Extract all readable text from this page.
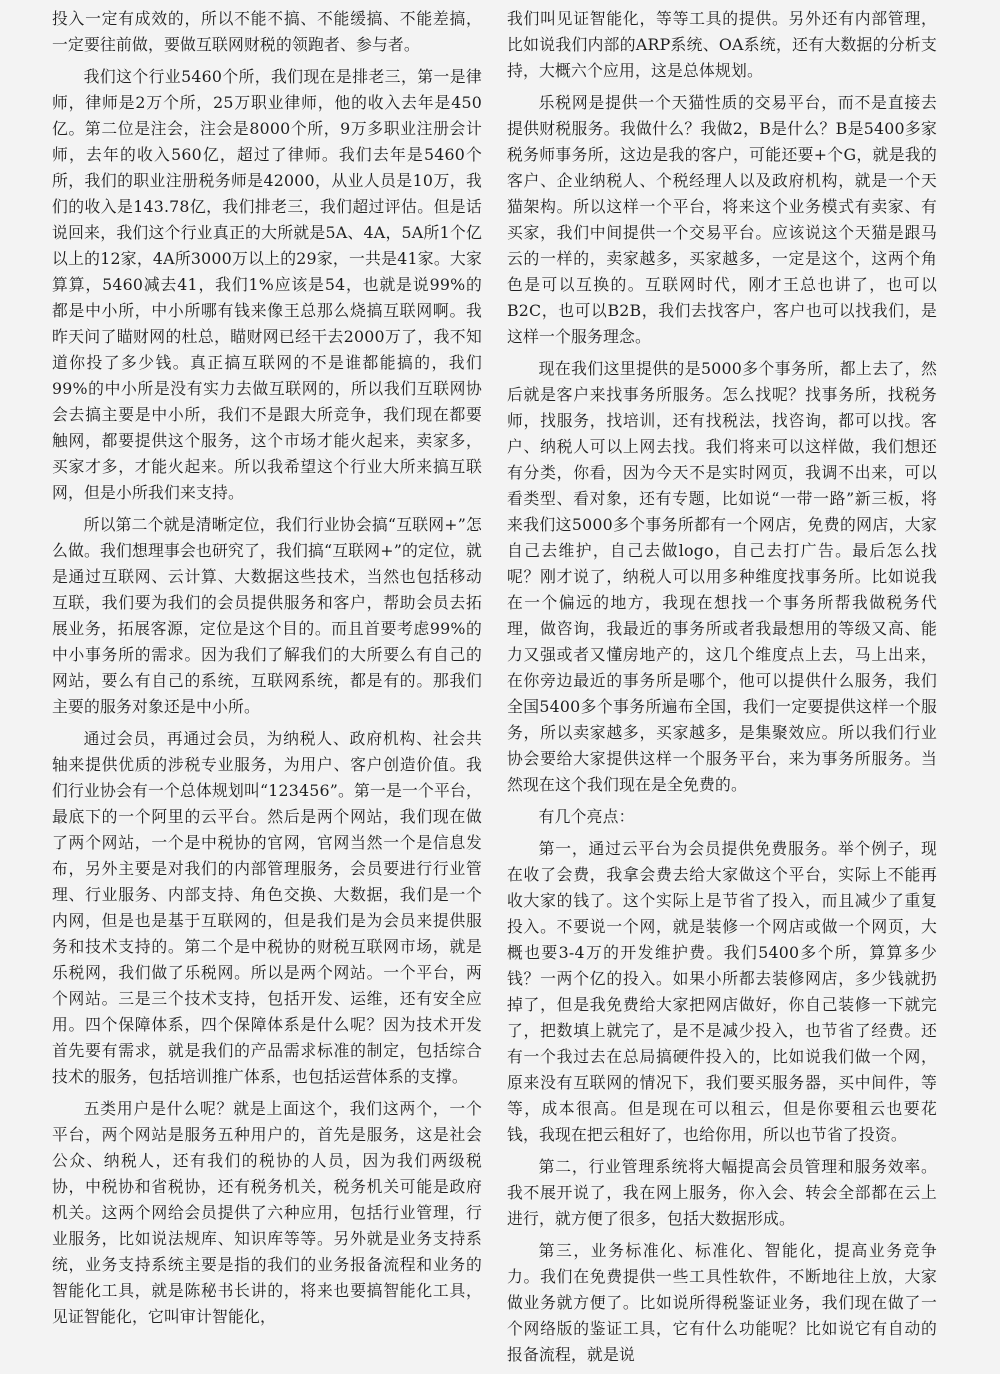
投入一定有成效的，所以不能不搞、不能缓搞、不能差搞，一定要往前做，要做互联网财税的领跑者、参与者。

我们这个行业5460个所，我们现在是排老三，第一是律师，律师是2万个所，25万职业律师，他的收入去年是450亿。第二位是注会，注会是8000个所，9万多职业注册会计师，去年的收入560亿，超过了律师。我们去年是5460个所，我们的职业注册税务师是42000，从业人员是10万，我们的收入是143.78亿，我们排老三，我们超过评估。但是话说回来，我们这个行业真正的大所就是5A、4A，5A所1个亿以上的12家，4A所3000万以上的29家，一共是41家。大家算算，5460减去41，我们1%应该是54，也就是说99%的都是中小所，中小所哪有钱来像王总那么烧搞互联网啊。我昨天问了瞄财网的杜总，瞄财网已经干去2000万了，我不知道你投了多少钱。真正搞互联网的不是谁都能搞的，我们99%的中小所是没有实力去做互联网的，所以我们互联网协会去搞主要是中小所，我们不是跟大所竞争，我们现在都要触网，都要提供这个服务，这个市场才能火起来，卖家多，买家才多，才能火起来。所以我希望这个行业大所来搞互联网，但是小所我们来支持。

所以第二个就是清晰定位，我们行业协会搞“互联网+”怎么做。我们想理事会也研究了，我们搞“互联网+”的定位，就是通过互联网、云计算、大数据这些技术，当然也包括移动互联，我们要为我们的会员提供服务和客户，帮助会员去拓展业务，拓展客源，定位是这个目的。而且首要考虑99%的中小事务所的需求。因为我们了解我们的大所要么有自己的网站，要么有自己的系统，互联网系统，都是有的。那我们主要的服务对象还是中小所。

通过会员，再通过会员，为纳税人、政府机构、社会共轴来提供优质的涉税专业服务，为用户、客户创造价值。我们行业协会有一个总体规划叫“123456”。第一是一个平台，最底下的一个阿里的云平台。然后是两个网站，我们现在做了两个网站，一个是中税协的官网，官网当然一个是信息发布，另外主要是对我们的内部管理服务，会员要进行行业管理、行业服务、内部支持、角色交换、大数据，我们是一个内网，但是也是基于互联网的，但是我们是为会员来提供服务和技术支持的。第二个是中税协的财税互联网市场，就是乐税网，我们做了乐税网。所以是两个网站。一个平台，两个网站。三是三个技术支持，包括开发、运维，还有安全应用。四个保障体系，四个保障体系是什么呢？因为技术开发首先要有需求，就是我们的产品需求标准的制定，包括综合技术的服务，包括培训推广体系，也包括运营体系的支撑。

五类用户是什么呢？就是上面这个，我们这两个，一个平台，两个网站是服务五种用户的，首先是服务，这是社会公众、纳税人，还有我们的税协的人员，因为我们两级税协，中税协和省税协，还有税务机关，税务机关可能是政府机关。这两个网给会员提供了六种应用，包括行业管理，行业服务，比如说法规库、知识库等等。另外就是业务支持系统，业务支持系统主要是指的我们的业务报备流程和业务的智能化工具，就是陈秘书长讲的，将来也要搞智能化工具，见证智能化，它叫审计智能化，

我们叫见证智能化，等等工具的提供。另外还有内部管理，比如说我们内部的ARP系统、OA系统，还有大数据的分析支持，大概六个应用，这是总体规划。

乐税网是提供一个天猫性质的交易平台，而不是直接去提供财税服务。我做什么？我做2，B是什么？B是5400多家税务师事务所，这边是我的客户，可能还要+个G，就是我的客户、企业纳税人、个税经理人以及政府机构，就是一个天猫架构。所以这样一个平台，将来这个业务模式有卖家、有买家，我们中间提供一个交易平台。应该说这个天猫是跟马云的一样的，卖家越多，买家越多，一定是这个，这两个角色是可以互换的。互联网时代，刚才王总也讲了，也可以B2C，也可以B2B，我们去找客户，客户也可以找我们，是这样一个服务理念。

现在我们这里提供的是5000多个事务所，都上去了，然后就是客户来找事务所服务。怎么找呢？找事务所，找税务师，找服务，找培训，还有找税法，找咨询，都可以找。客户、纳税人可以上网去找。我们将来可以这样做，我们想还有分类，你看，因为今天不是实时网页，我调不出来，可以看类型、看对象，还有专题，比如说“一带一路”新三板，将来我们这5000多个事务所都有一个网店，免费的网店，大家自己去维护，自己去做logo，自己去打广告。最后怎么找呢？刚才说了，纳税人可以用多种维度找事务所。比如说我在一个偏远的地方，我现在想找一个事务所帮我做税务代理，做咨询，我最近的事务所或者我最想用的等级又高、能力又强或者又懂房地产的，这几个维度点上去，马上出来，在你旁边最近的事务所是哪个，他可以提供什么服务，我们全国5400多个事务所遍布全国，我们一定要提供这样一个服务，所以卖家越多，买家越多，是集聚效应。所以我们行业协会要给大家提供这样一个服务平台，来为事务所服务。当然现在这个我们现在是全免费的。

有几个亮点：

第一，通过云平台为会员提供免费服务。举个例子，现在收了会费，我拿会费去给大家做这个平台，实际上不能再收大家的钱了。这个实际上是节省了投入，而且减少了重复投入。不要说一个网，就是装修一个网店或做一个网页，大概也要3-4万的开发维护费。我们5400多个所，算算多少钱？一两个亿的投入。如果小所都去装修网店，多少钱就扔掉了，但是我免费给大家把网店做好，你自己装修一下就完了，把数填上就完了，是不是减少投入，也节省了经费。还有一个我过去在总局搞硬件投入的，比如说我们做一个网，原来没有互联网的情况下，我们要买服务器，买中间件，等等，成本很高。但是现在可以租云，但是你要租云也要花钱，我现在把云租好了，也给你用，所以也节省了投资。

第二，行业管理系统将大幅提高会员管理和服务效率。我不展开说了，我在网上服务，你入会、转会全部都在云上进行，就方便了很多，包括大数据形成。

第三，业务标准化、标准化、智能化，提高业务竞争力。我们在免费提供一些工具性软件，不断地往上放，大家做业务就方便了。比如说所得税鉴证业务，我们现在做了一个网络版的鉴证工具，它有什么功能呢？比如说它有自动的报备流程，就是说
